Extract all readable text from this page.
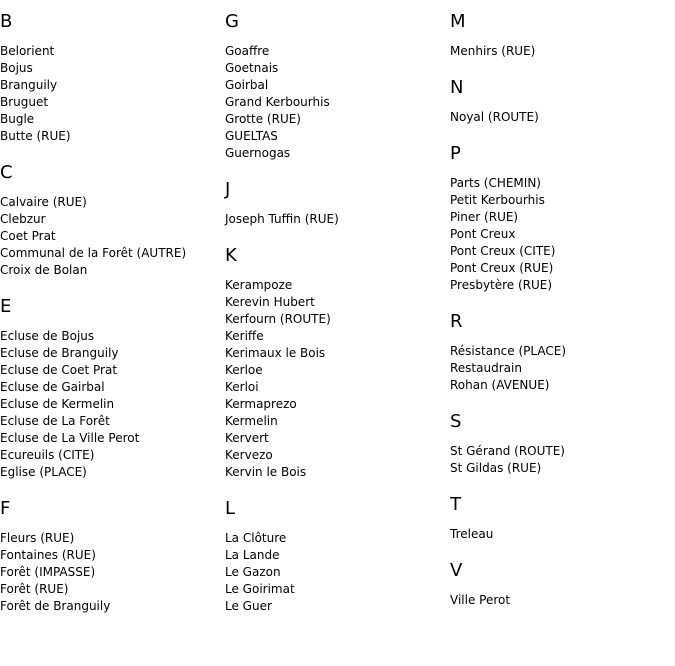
B
Belorient
Bojus
Branguily
Bruguet
Bugle
Butte (RUE)
C
Calvaire (RUE)
Clebzur
Coet Prat
Communal de la Forêt (AUTRE)
Croix de Bolan
E
Ecluse de Bojus
Ecluse de Branguily
Ecluse de Coet Prat
Ecluse de Gairbal
Ecluse de Kermelin
Ecluse de La Forêt
Ecluse de La Ville Perot
Ecureuils (CITE)
Eglise (PLACE)
F
Fleurs (RUE)
Fontaines (RUE)
Forêt (IMPASSE)
Forêt (RUE)
Forêt de Branguily
G
Goaffre
Goetnais
Goirbal
Grand Kerbourhis
Grotte (RUE)
GUELTAS
Guernogas
J
Joseph Tuffin (RUE)
K
Kerampoze
Kerevin Hubert
Kerfourn (ROUTE)
Keriffe
Kerimaux le Bois
Kerloe
Kerloi
Kermaprezo
Kermelin
Kervert
Kervezo
Kervin le Bois
L
La Clôture
La Lande
Le Gazon
Le Goirimat
Le Guer
M
Menhirs (RUE)
N
Noyal (ROUTE)
P
Parts (CHEMIN)
Petit Kerbourhis
Piner (RUE)
Pont Creux
Pont Creux (CITE)
Pont Creux (RUE)
Presbytère (RUE)
R
Résistance (PLACE)
Restaudrain
Rohan (AVENUE)
S
St Gérand (ROUTE)
St Gildas (RUE)
T
Treleau
V
Ville Perot
